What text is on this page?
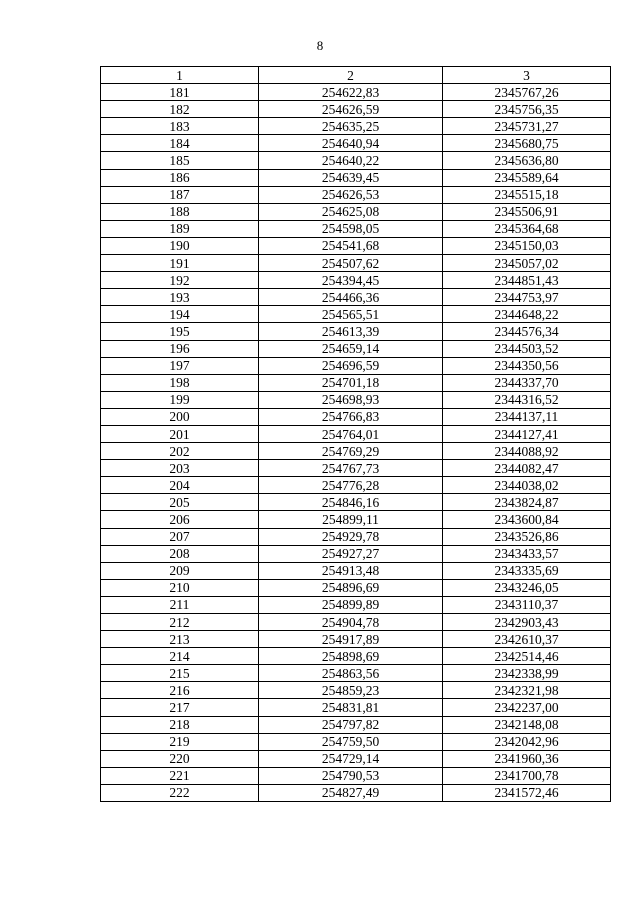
8
1	2	3
181	254622,83	2345767,26
182	254626,59	2345756,35
183	254635,25	2345731,27
184	254640,94	2345680,75
185	254640,22	2345636,80
186	254639,45	2345589,64
187	254626,53	2345515,18
188	254625,08	2345506,91
189	254598,05	2345364,68
190	254541,68	2345150,03
191	254507,62	2345057,02
192	254394,45	2344851,43
193	254466,36	2344753,97
194	254565,51	2344648,22
195	254613,39	2344576,34
196	254659,14	2344503,52
197	254696,59	2344350,56
198	254701,18	2344337,70
199	254698,93	2344316,52
200	254766,83	2344137,11
201	254764,01	2344127,41
202	254769,29	2344088,92
203	254767,73	2344082,47
204	254776,28	2344038,02
205	254846,16	2343824,87
206	254899,11	2343600,84
207	254929,78	2343526,86
208	254927,27	2343433,57
209	254913,48	2343335,69
210	254896,69	2343246,05
211	254899,89	2343110,37
212	254904,78	2342903,43
213	254917,89	2342610,37
214	254898,69	2342514,46
215	254863,56	2342338,99
216	254859,23	2342321,98
217	254831,81	2342237,00
218	254797,82	2342148,08
219	254759,50	2342042,96
220	254729,14	2341960,36
221	254790,53	2341700,78
222	254827,49	2341572,46
